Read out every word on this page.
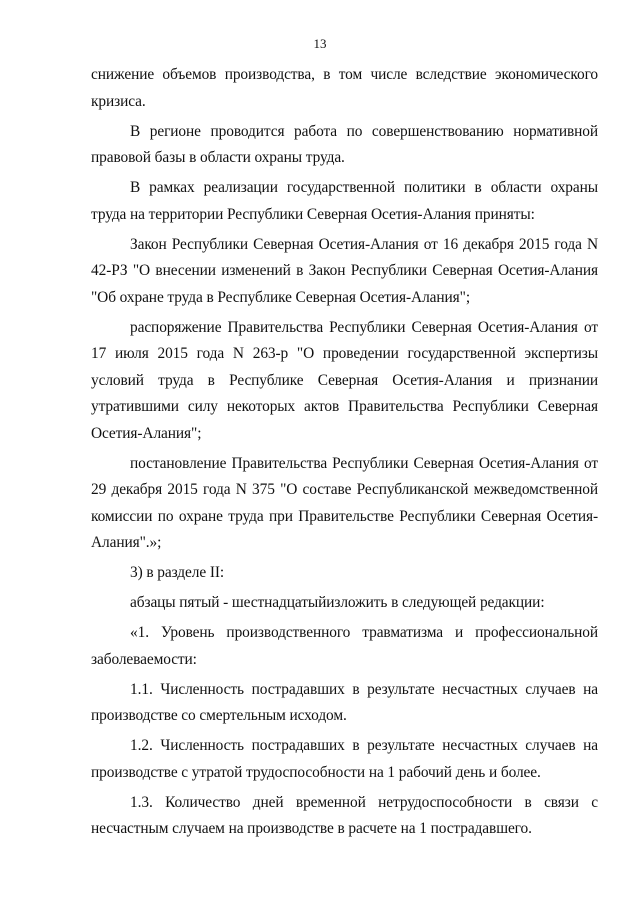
13

снижение объемов производства, в том числе вследствие экономического кризиса.

В регионе проводится работа по совершенствованию нормативной правовой базы в области охраны труда.

В рамках реализации государственной политики в области охраны труда на территории Республики Северная Осетия-Алания приняты:

Закон Республики Северная Осетия-Алания от 16 декабря 2015 года N 42-РЗ "О внесении изменений в Закон Республики Северная Осетия-Алания "Об охране труда в Республике Северная Осетия-Алания";

распоряжение Правительства Республики Северная Осетия-Алания от 17 июля 2015 года N 263-р "О проведении государственной экспертизы условий труда в Республике Северная Осетия-Алания и признании утратившими силу некоторых актов Правительства Республики Северная Осетия-Алания";

постановление Правительства Республики Северная Осетия-Алания от 29 декабря 2015 года N 375 "О составе Республиканской межведомственной комиссии по охране труда при Правительстве Республики Северная Осетия-Алания".»;

3) в разделе II:

абзацы пятый - шестнадцатыйизложить в следующей редакции:

«1. Уровень производственного травматизма и профессиональной заболеваемости:

1.1. Численность пострадавших в результате несчастных случаев на производстве со смертельным исходом.

1.2. Численность пострадавших в результате несчастных случаев на производстве с утратой трудоспособности на 1 рабочий день и более.

1.3. Количество дней временной нетрудоспособности в связи с несчастным случаем на производстве в расчете на 1 пострадавшего.
